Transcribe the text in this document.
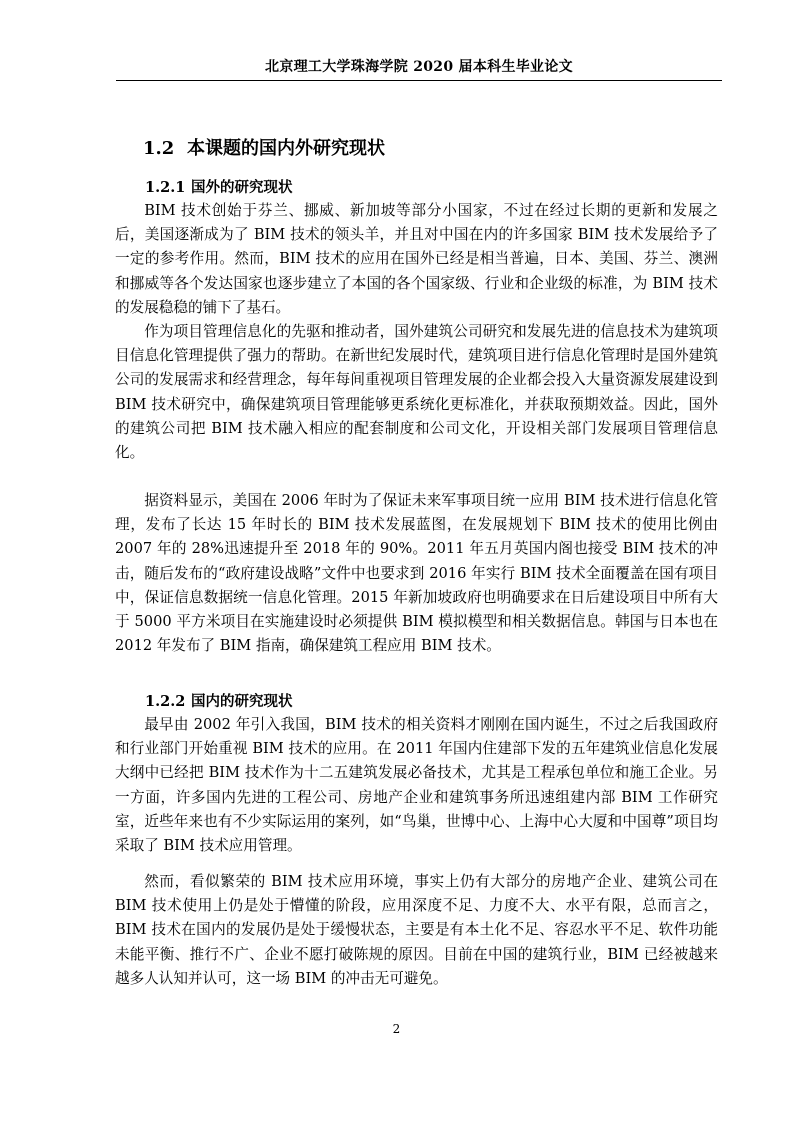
北京理工大学珠海学院 2020 届本科生毕业论文
1.2 本课题的国内外研究现状
1.2.1 国外的研究现状

BIM 技术创始于芬兰、挪威、新加坡等部分小国家，不过在经过长期的更新和发展之后，美国逐渐成为了 BIM 技术的领头羊，并且对中国在内的许多国家 BIM 技术发展给予了一定的参考作用。然而，BIM 技术的应用在国外已经是相当普遍，日本、美国、芬兰、澳洲和挪威等各个发达国家也逐步建立了本国的各个国家级、行业和企业级的标准，为 BIM 技术的发展稳稳的铺下了基石。

作为项目管理信息化的先驱和推动者，国外建筑公司研究和发展先进的信息技术为建筑项目信息化管理提供了强力的帮助。在新世纪发展时代，建筑项目进行信息化管理时是国外建筑公司的发展需求和经营理念，每年每间重视项目管理发展的企业都会投入大量资源发展建设到 BIM 技术研究中，确保建筑项目管理能够更系统化更标准化，并获取预期效益。因此，国外的建筑公司把 BIM 技术融入相应的配套制度和公司文化，开设相关部门发展项目管理信息化。

据资料显示，美国在 2006 年时为了保证未来军事项目统一应用 BIM 技术进行信息化管理，发布了长达 15 年时长的 BIM 技术发展蓝图，在发展规划下 BIM 技术的使用比例由 2007 年的 28%迅速提升至 2018 年的 90%。2011 年五月英国内阁也接受 BIM 技术的冲击，随后发布的“政府建设战略”文件中也要求到 2016 年实行 BIM 技术全面覆盖在国有项目中，保证信息数据统一信息化管理。2015 年新加坡政府也明确要求在日后建设项目中所有大于 5000 平方米项目在实施建设时必须提供 BIM 模拟模型和相关数据信息。韩国与日本也在 2012 年发布了 BIM 指南，确保建筑工程应用 BIM 技术。

1.2.2 国内的研究现状

最早由 2002 年引入我国，BIM 技术的相关资料才刚刚在国内诞生，不过之后我国政府和行业部门开始重视 BIM 技术的应用。在 2011 年国内住建部下发的五年建筑业信息化发展大纲中已经把 BIM 技术作为十二五建筑发展必备技术，尤其是工程承包单位和施工企业。另一方面，许多国内先进的工程公司、房地产企业和建筑事务所迅速组建内部 BIM 工作研究室，近些年来也有不少实际运用的案列，如“鸟巢，世博中心、上海中心大厦和中国尊”项目均采取了 BIM 技术应用管理。

然而，看似繁荣的 BIM 技术应用环境，事实上仍有大部分的房地产企业、建筑公司在 BIM 技术使用上仍是处于懵懂的阶段，应用深度不足、力度不大、水平有限，总而言之，BIM 技术在国内的发展仍是处于缓慢状态，主要是有本土化不足、容忍水平不足、软件功能未能平衡、推行不广、企业不愿打破陈规的原因。目前在中国的建筑行业，BIM 已经被越来越多人认知并认可，这一场 BIM 的冲击无可避免。

2
